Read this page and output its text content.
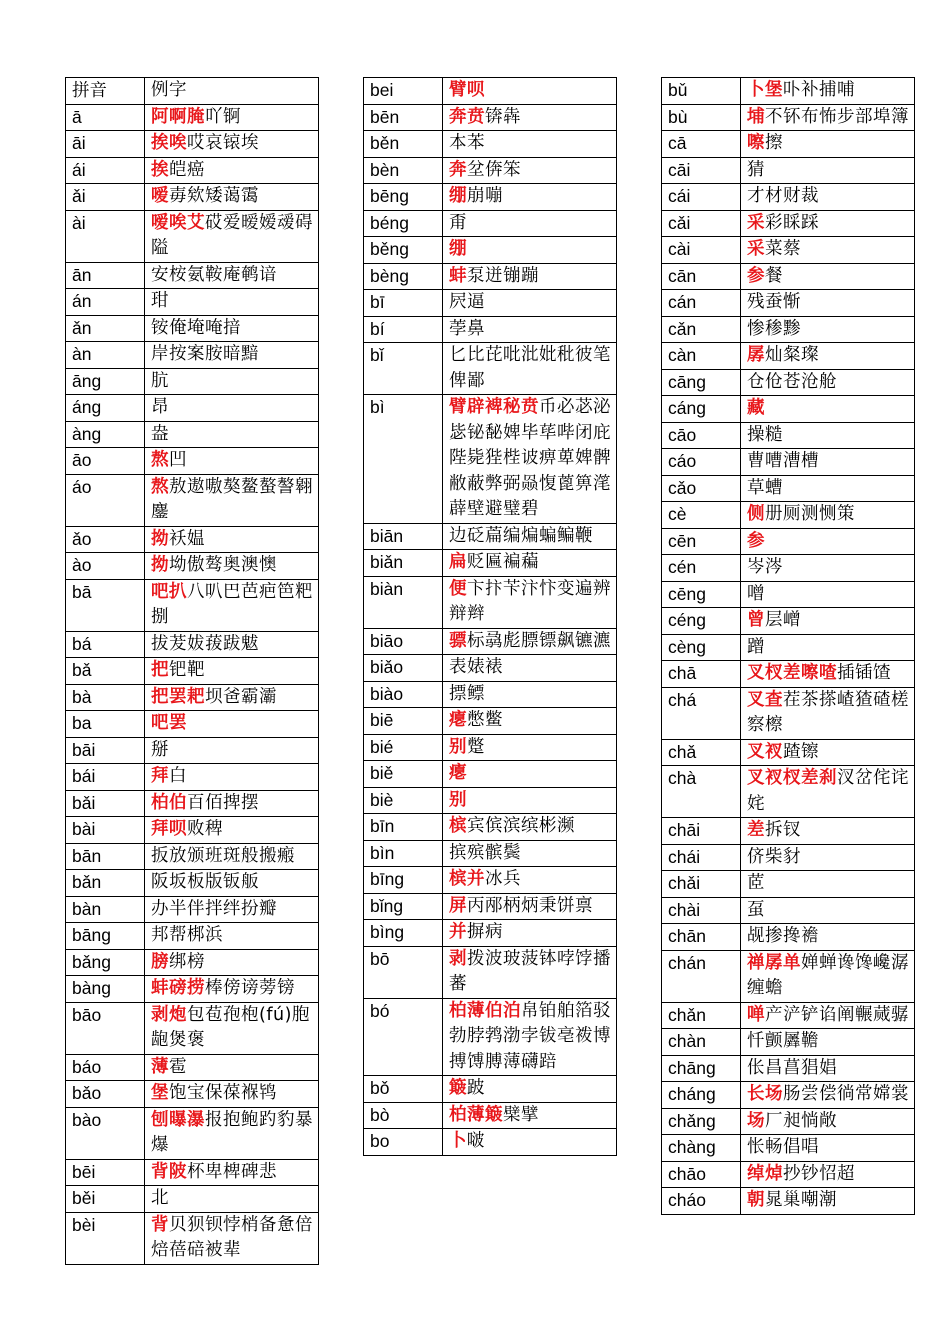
拼音	例字
ā	阿啊腌吖锕
āi	挨唉哎哀锿埃
ái	挨皑癌
ǎi	嗳毐欸矮蔼霭
ài	嗳唉艾砹爱暧嫒叆碍隘
ān	安桉氨鞍庵鹌谙
án	玵
ǎn	铵俺埯唵揞
àn	岸按案胺暗黯
āng	肮
áng	昂
àng	盎
āo	熬凹
áo	熬敖遨嗷獒鳌螯謷翱鏖
ǎo	拗袄媪
ào	拗坳傲骜奥澳懊
bā	吧扒八叭巴芭疤笆粑捌
bá	拔茇妭菝跋魃
bǎ	把钯靶
bà	把罢耙坝爸霸灞
ba	吧罢
bāi	掰
bái	拜白
bǎi	柏伯百佰捭摆
bài	拜呗败稗
bān	扳放颁班斑般搬瘢
bǎn	阪坂板版钣舨
bàn	办半伴拌绊扮瓣
bāng	邦帮梆浜
bǎng	膀绑榜
bàng	蚌磅捞棒傍谤蒡镑
bāo	剥炮包苞孢枹(fú)胞龅煲褒
báo	薄雹
bǎo	堡饱宝保葆褓鸨
bào	刨曝瀑报抱鲍趵豹暴爆
bēi	背陂杯卑椑碑悲
běi	北
bèi	背贝狈钡悖梢备惫倍焙蓓碚被辈
bei	臂呗
bēn	奔贲锛犇
běn	本苯
bèn	奔坌倴笨
bēng	绷崩嘣
béng	甭
běng	绷
bèng	蚌泵迸镚蹦
bī	屄逼
bí	荸鼻
bǐ	匕比芘吡沘妣秕彼笔俾鄙
bì	臂辟裨秘贲币必苾泌毖铋馝婢毕荜哔闭庇陛毙狴梐诐痹萆婢髀敝蔽弊弼赑愎蓖箅滗薜壁避璧碧
biān	边砭萹编煸蝙鳊鞭
biǎn	扁贬匾褊藊
biàn	便卞抃苄汴忭变遍辨辩辫
biāo	骠标骉彪膘镖飙镳瀌
biǎo	表婊裱
biào	摽鳔
biē	瘪憋鳖
bié	别蹩
biě	瘪
biè	别
bīn	槟宾傧滨缤彬濒
bìn	摈殡髌鬓
bīng	槟并冰兵
bǐng	屏丙邴柄炳秉饼禀
bìng	并摒病
bō	剥拨波玻菠钵哱饽播蕃
bó	柏薄伯泊帛铂舶箔驳勃脖鹁渤孛钹亳袯博搏馎膊薄礴踣
bǒ	簸跛
bò	柏薄簸檗擘
bo	卜啵
bǔ	卜堡卟补捕哺
bù	埔不钚布怖步部埠簿
cā	嚓擦
cāi	猜
cái	才材财裁
cǎi	采彩睬踩
cài	采菜蔡
cān	参餐
cán	残蚕惭
cǎn	惨䅟黪
càn	孱灿粲璨
cāng	仓伧苍沧舱
cáng	藏
cāo	操糙
cáo	曹嘈漕槽
cǎo	草螬
cè	侧册厕测恻策
cēn	参
cén	岑涔
cēng	噌
céng	曾层嶒
cèng	蹭
chā	叉杈差嚓喳插锸馇
chá	叉查茬茶搽嵖猹碴槎察檫
chǎ	叉衩蹅镲
chà	叉衩杈差刹汊岔侘诧姹
chāi	差拆钗
chái	侪柴豺
chǎi	茝
chài	虿
chān	觇掺搀襜
chán	禅孱单婵蝉谗馋巉潺缠蟾
chǎn	啴产浐铲谄阐冁蒇骣
chàn	忏颤羼韂
chāng	伥昌菖猖娼
cháng	长场肠尝偿徜常嫦裳
chǎng	场厂昶惝敞
chàng	怅畅倡唱
chāo	绰焯抄钞怊超
cháo	朝晁巢嘲潮
